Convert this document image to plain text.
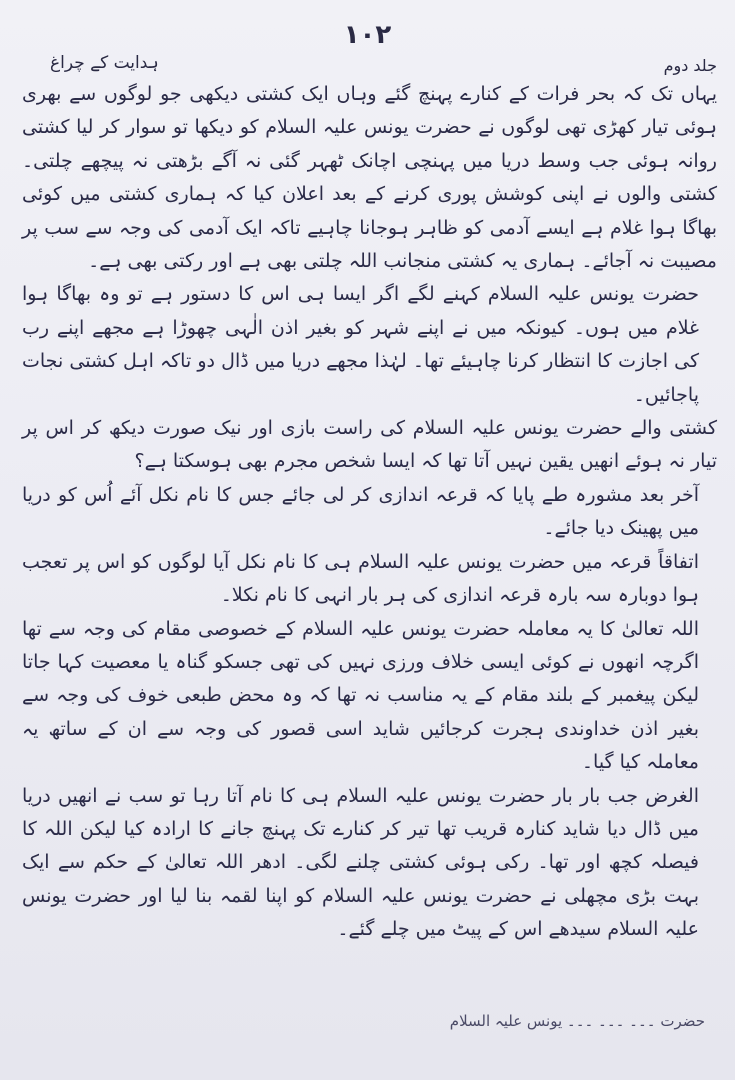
۱۰۲
ہدایت کے چراغ	جلد دوم

یہاں تک کہ بحر فرات کے کنارے پہنچ گئے وہاں ایک کشتی دیکھی جو لوگوں سے بھری ہوئی تیار کھڑی تھی لوگوں نے حضرت یونس علیہ السلام کو دیکھا تو سوار کر لیا کشتی روانہ ہوئی جب وسط دریا میں پہنچی اچانک ٹھہر گئی نہ آگے بڑھتی نہ پیچھے چلتی۔ کشتی والوں نے اپنی کوشش پوری کرنے کے بعد اعلان کیا کہ ہماری کشتی میں کوئی بھاگا ہوا غلام ہے ایسے آدمی کو ظاہر ہوجانا چاہیے تاکہ ایک آدمی کی وجہ سے سب پر مصیبت نہ آجائے۔ ہماری یہ کشتی منجانب اللہ چلتی بھی ہے اور رکتی بھی ہے۔

حضرت یونس علیہ السلام کہنے لگے اگر ایسا ہی اس کا دستور ہے تو وہ بھاگا ہوا غلام میں ہوں۔ کیونکہ میں نے اپنے شہر کو بغیر اذن الٰہی چھوڑا ہے مجھے اپنے رب کی اجازت کا انتظار کرنا چاہیئے تھا۔ لہٰذا مجھے دریا میں ڈال دو تاکہ اہل کشتی نجات پاجائیں۔

کشتی والے حضرت یونس علیہ السلام کی راست بازی اور نیک صورت دیکھ کر اس پر تیار نہ ہوئے انھیں یقین نہیں آتا تھا کہ ایسا شخص مجرم بھی ہوسکتا ہے؟

آخر بعد مشورہ طے پایا کہ قرعہ اندازی کر لی جائے جس کا نام نکل آئے اُس کو دریا میں پھینک دیا جائے۔

اتفاقاً قرعہ میں حضرت یونس علیہ السلام ہی کا نام نکل آیا لوگوں کو اس پر تعجب ہوا دوبارہ سہ بارہ قرعہ اندازی کی ہر بار انہی کا نام نکلا۔

اللہ تعالیٰ کا یہ معاملہ حضرت یونس علیہ السلام کے خصوصی مقام کی وجہ سے تھا اگرچہ انھوں نے کوئی ایسی خلاف ورزی نہیں کی تھی جسکو گناہ یا معصیت کہا جاتا لیکن پیغمبر کے بلند مقام کے یہ مناسب نہ تھا کہ وہ محض طبعی خوف کی وجہ سے بغیر اذن خداوندی ہجرت کرجائیں شاید اسی قصور کی وجہ سے ان کے ساتھ یہ معاملہ کیا گیا۔

الغرض جب بار بار حضرت یونس علیہ السلام ہی کا نام آتا رہا تو سب نے انھیں دریا میں ڈال دیا شاید کنارہ قریب تھا تیر کر کنارے تک پہنچ جانے کا ارادہ کیا لیکن اللہ کا فیصلہ کچھ اور تھا۔ رکی ہوئی کشتی چلنے لگی۔ ادھر اللہ تعالیٰ کے حکم سے ایک بہت بڑی مچھلی نے حضرت یونس علیہ السلام کو اپنا لقمہ بنا لیا اور حضرت یونس علیہ السلام سیدھے اس کے پیٹ میں چلے گئے۔

حضرت ۔۔۔ ۔۔۔ ۔۔۔ یونس علیہ السلام
